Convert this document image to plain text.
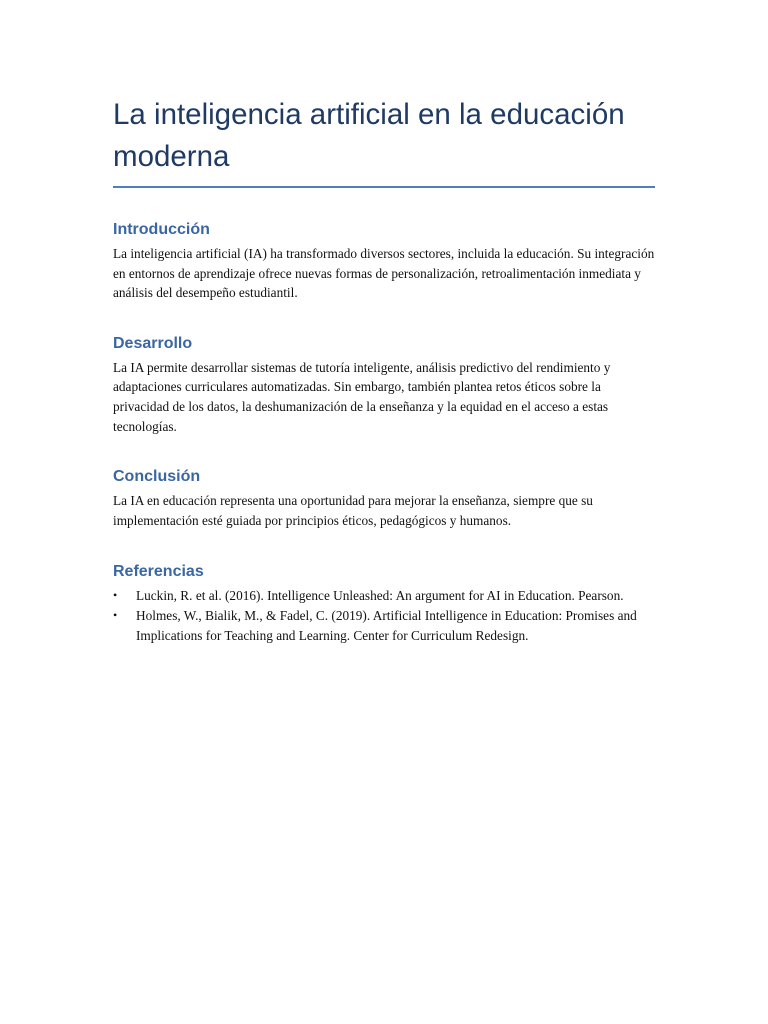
La inteligencia artificial en la educación moderna
Introducción

La inteligencia artificial (IA) ha transformado diversos sectores, incluida la educación. Su integración en entornos de aprendizaje ofrece nuevas formas de personalización, retroalimentación inmediata y análisis del desempeño estudiantil.

Desarrollo

La IA permite desarrollar sistemas de tutoría inteligente, análisis predictivo del rendimiento y adaptaciones curriculares automatizadas. Sin embargo, también plantea retos éticos sobre la privacidad de los datos, la deshumanización de la enseñanza y la equidad en el acceso a estas tecnologías.

Conclusión

La IA en educación representa una oportunidad para mejorar la enseñanza, siempre que su implementación esté guiada por principios éticos, pedagógicos y humanos.

Referencias
• Luckin, R. et al. (2016). Intelligence Unleashed: An argument for AI in Education. Pearson.
• Holmes, W., Bialik, M., & Fadel, C. (2019). Artificial Intelligence in Education: Promises and Implications for Teaching and Learning. Center for Curriculum Redesign.
